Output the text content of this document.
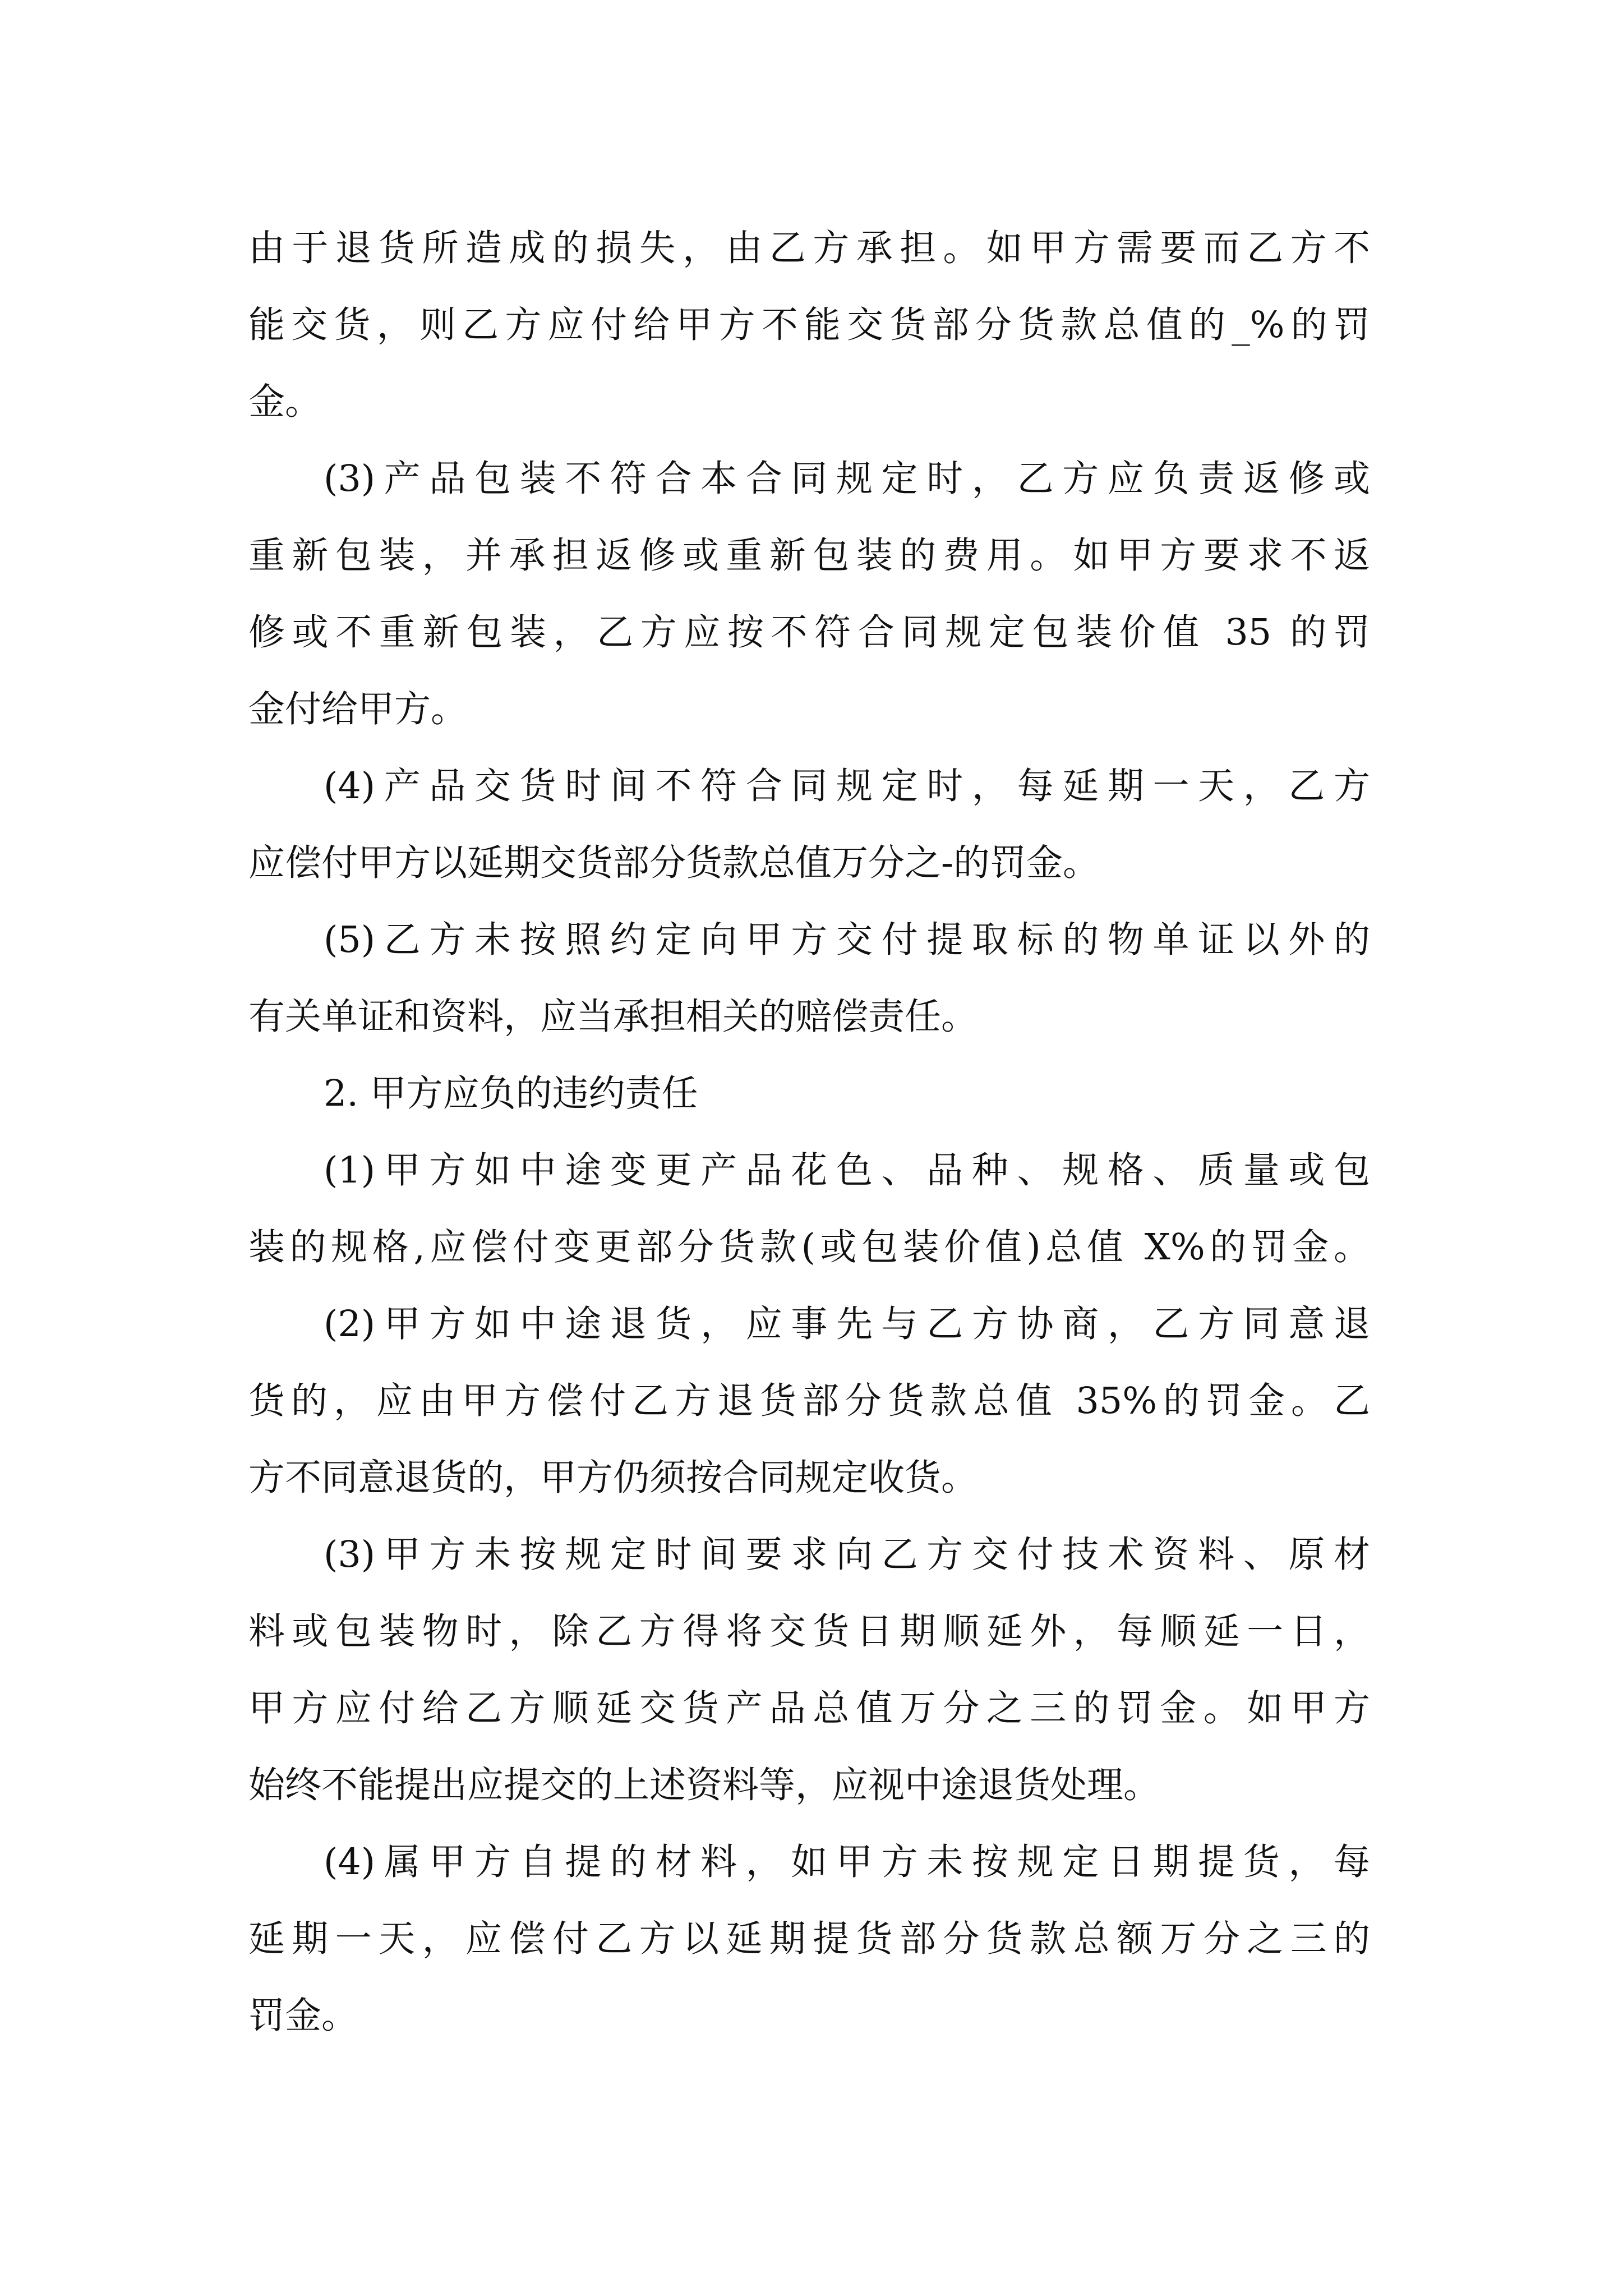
由于退货所造成的损失，由乙方承担。如甲方需要而乙方不
能交货，则乙方应付给甲方不能交货部分货款总值的_%的罚
金。
(3)产品包装不符合本合同规定时，乙方应负责返修或
重新包装，并承担返修或重新包装的费用。如甲方要求不返
修或不重新包装，乙方应按不符合同规定包装价值 35 的罚
金付给甲方。
(4)产品交货时间不符合同规定时，每延期一天，乙方
应偿付甲方以延期交货部分货款总值万分之-的罚金。
(5)乙方未按照约定向甲方交付提取标的物单证以外的
有关单证和资料，应当承担相关的赔偿责任。
2. 甲方应负的违约责任
(1)甲方如中途变更产品花色、品种、规格、质量或包
装的规格,应偿付变更部分货款(或包装价值)总值 X%的罚金。
(2)甲方如中途退货，应事先与乙方协商，乙方同意退
货的，应由甲方偿付乙方退货部分货款总值 35%的罚金。乙
方不同意退货的，甲方仍须按合同规定收货。
(3)甲方未按规定时间要求向乙方交付技术资料、原材
料或包装物时，除乙方得将交货日期顺延外，每顺延一日，
甲方应付给乙方顺延交货产品总值万分之三的罚金。如甲方
始终不能提出应提交的上述资料等，应视中途退货处理。
(4)属甲方自提的材料，如甲方未按规定日期提货，每
延期一天，应偿付乙方以延期提货部分货款总额万分之三的
罚金。
